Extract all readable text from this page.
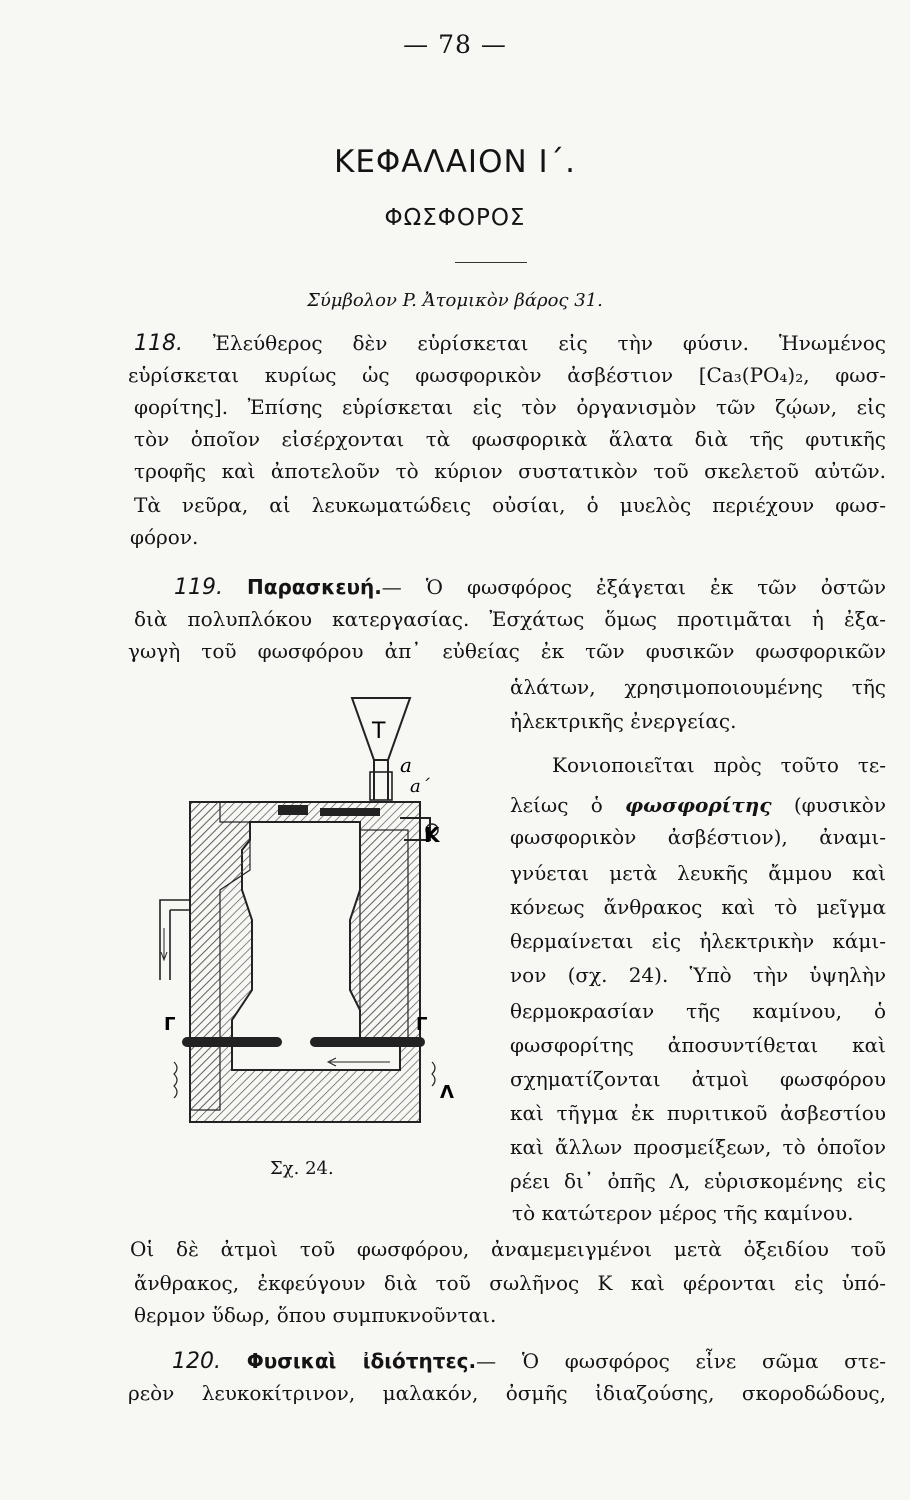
— 78 —
ΚΕΦΑΛΑΙΟΝ Ι΄.
ΦΩΣΦΟΡΟΣ
Σύμβολον P. Ἀτομικὸν βάρος 31.
118. Ἐλεύθερος δὲν εὑρίσκεται εἰς τὴν φύσιν. Ἡνωμένος
εὑρίσκεται κυρίως ὡς φωσφορικὸν ἀσβέστιον [Ca₃(PO₄)₂, φωσ-
φορίτης]. Ἐπίσης εὑρίσκεται εἰς τὸν ὀργανισμὸν τῶν ζῴων, εἰς
τὸν ὁποῖον εἰσέρχονται τὰ φωσφορικὰ ἅλατα διὰ τῆς φυτικῆς
τροφῆς καὶ ἀποτελοῦν τὸ κύριον συστατικὸν τοῦ σκελετοῦ αὐτῶν.
Τὰ νεῦρα, αἱ λευκωματώδεις οὐσίαι, ὁ μυελὸς περιέχουν φωσ-
φόρον.
119. Παρασκευή.— Ὁ φωσφόρος ἐξάγεται ἐκ τῶν ὀστῶν
διὰ πολυπλόκου κατεργασίας. Ἐσχάτως ὅμως προτιμᾶται ἡ ἐξα-
γωγὴ τοῦ φωσφόρου ἀπ᾽ εὐθείας ἐκ τῶν φυσικῶν φωσφορικῶν
ἁλάτων, χρησιμοποιουμένης τῆς
ἠλεκτρικῆς ἐνεργείας.
Κονιοποιεῖται πρὸς τοῦτο τε-
λείως ὁ φωσφορίτης (φυσικὸν
φωσφορικὸν ἀσβέστιον), ἀναμι-
γνύεται μετὰ λευκῆς ἄμμου καὶ
κόνεως ἄνθρακος καὶ τὸ μεῖγμα
θερμαίνεται εἰς ἠλεκτρικὴν κάμι-
νον (σχ. 24). Ὑπὸ τὴν ὑψηλὴν
θερμοκρασίαν τῆς καμίνου, ὁ
φωσφορίτης ἀποσυντίθεται καὶ
σχηματίζονται ἀτμοὶ φωσφόρου
καὶ τῆγμα ἐκ πυριτικοῦ ἀσβεστίου
καὶ ἄλλων προσμείξεων, τὸ ὁποῖον
ρέει δι᾽ ὀπῆς Λ, εὑρισκομένης εἰς
τὸ κατώτερον μέρος τῆς καμίνου.
Οἱ δὲ ἀτμοὶ τοῦ φωσφόρου, ἀναμεμειγμένοι μετὰ ὀξειδίου τοῦ
ἄνθρακος, ἐκφεύγουν διὰ τοῦ σωλῆνος Κ καὶ φέρονται εἰς ὑπό-
θερμον ὕδωρ, ὅπου συμπυκνοῦνται.
120. Φυσικαὶ ἰδιότητες.— Ὁ φωσφόρος εἶνε σῶμα στε-
ρεὸν λευκοκίτρινον, μαλακόν, ὀσμῆς ἰδιαζούσης, σκοροδώδους,
T
a
a΄
K
Γ	Γ
Λ
Σχ. 24.
